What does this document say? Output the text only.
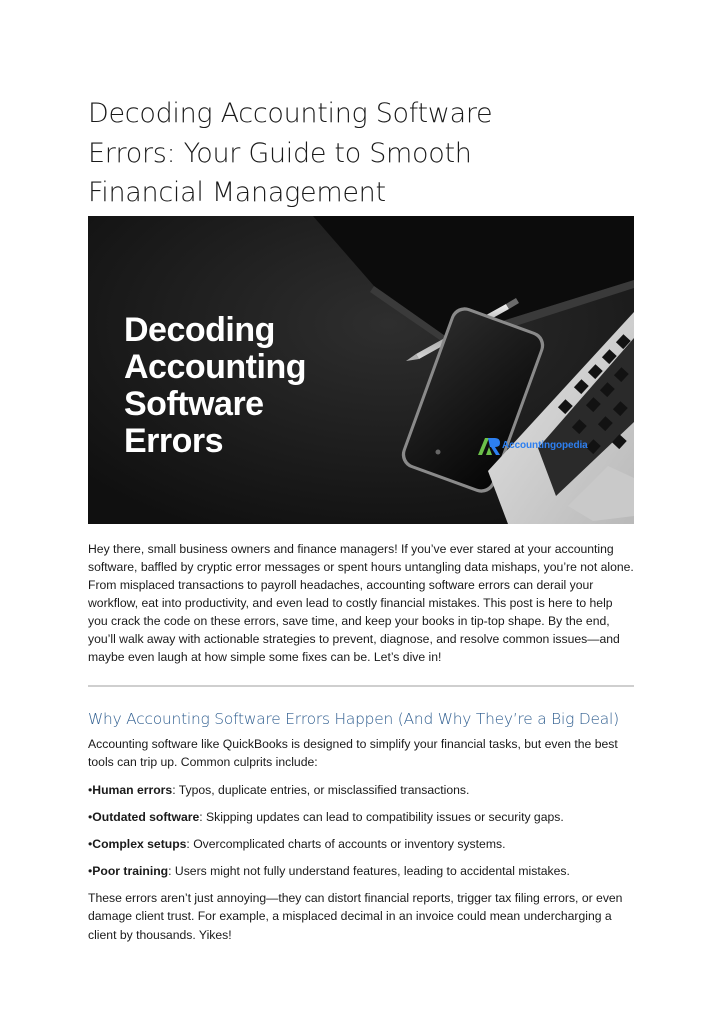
Decoding Accounting Software
Errors: Your Guide to Smooth
Financial Management
Decoding
Accounting
Software
Errors	Accountingopedia

Hey there, small business owners and finance managers! If you’ve ever stared at your accounting software, baffled by cryptic error messages or spent hours untangling data mishaps, you’re not alone. From misplaced transactions to payroll headaches, accounting software errors can derail your workflow, eat into productivity, and even lead to costly financial mistakes. This post is here to help you crack the code on these errors, save time, and keep your books in tip-top shape. By the end, you’ll walk away with actionable strategies to prevent, diagnose, and resolve common issues—and maybe even laugh at how simple some fixes can be. Let’s dive in!

Why Accounting Software Errors Happen (And Why They’re a Big Deal)

Accounting software like QuickBooks is designed to simplify your financial tasks, but even the best tools can trip up. Common culprits include:

•Human errors: Typos, duplicate entries, or misclassified transactions.
•Outdated software: Skipping updates can lead to compatibility issues or security gaps.
•Complex setups: Overcomplicated charts of accounts or inventory systems.
•Poor training: Users might not fully understand features, leading to accidental mistakes.

These errors aren’t just annoying—they can distort financial reports, trigger tax filing errors, or even damage client trust. For example, a misplaced decimal in an invoice could mean undercharging a client by thousands. Yikes!
